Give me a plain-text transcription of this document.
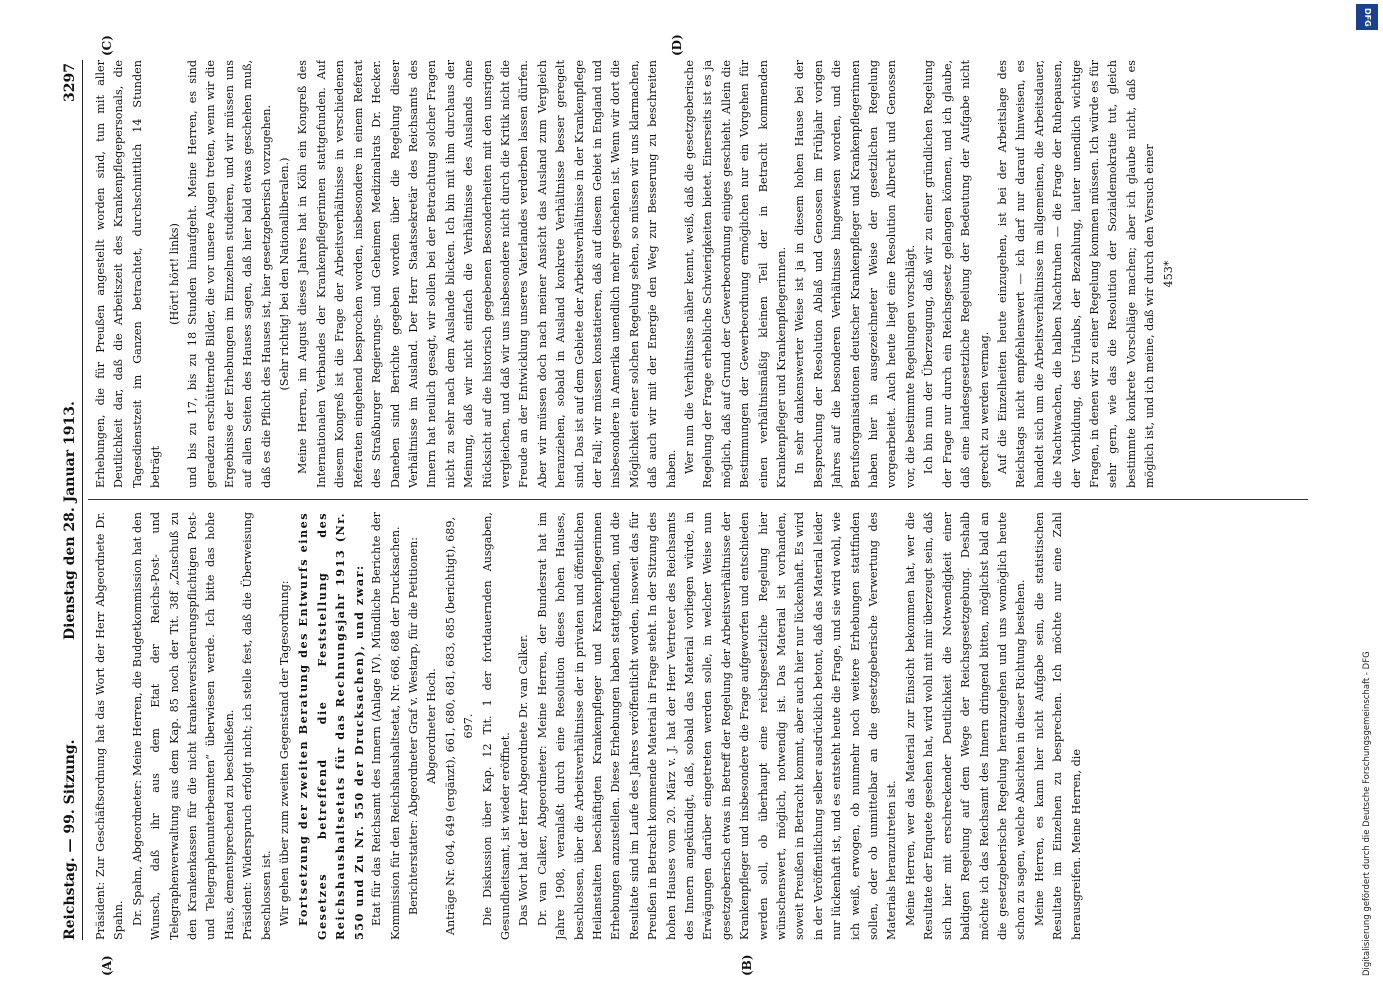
Reichstag. — 99. Sitzung.
Dienstag den 28. Januar 1913.
3297
(A)	(B)
(C)	(D)

Präsident: Zur Geschäftsordnung hat das Wort der Herr Abgeordnete Dr. Spahn. Dr. Spahn, Abgeordneter: Meine Herren, die Budgetkommission hat den Wunsch, daß ihr aus dem Etat der Reichs-Post- und Telegraphenverwaltung aus dem Kap. 85 noch der Tit. 38f „Zuschuß zu den Krankenkassen für die nicht krankenversicherungspflichtigen Post- und Telegraphenunterbeamten“ überwiesen werde. Ich bitte das hohe Haus, dementsprechend zu beschließen. Präsident: Widerspruch erfolgt nicht; ich stelle fest, daß die Überweisung beschlossen ist. Wir gehen über zum zweiten Gegenstand der Tagesordnung: Fortsetzung der zweiten Beratung des Entwurfs eines Gesetzes betreffend die Feststellung des Reichshaushaltsetats für das Rechnungsjahr 1913 (Nr. 550 und Zu Nr. 550 der Drucksachen), und zwar: Etat für das Reichsamt des Innern (Anlage IV). Mündliche Berichte der Kommission für den Reichshaushaltsetat, Nr. 668, 688 der Drucksachen. Berichterstatter: Abgeordneter Graf v. Westarp, für die Petitionen: Abgeordneter Hoch. Anträge Nr. 604, 649 (ergänzt), 661, 680, 681, 683, 685 (berichtigt), 689, 697. Die Diskussion über Kap. 12 Tit. 1 der fortdauernden Ausgaben, Gesundheitsamt, ist wieder eröffnet. Das Wort hat der Herr Abgeordnete Dr. van Calker. Dr. van Calker, Abgeordneter: Meine Herren, der Bundesrat hat im Jahre 1908, veranlaßt durch eine Resolution dieses hohen Hauses, beschlossen, über die Arbeitsverhältnisse der in privaten und öffentlichen Heilanstalten beschäftigten Krankenpfleger und Krankenpflegerinnen Erhebungen anzustellen. Diese Erhebungen haben stattgefunden, und die Resultate sind im Laufe des Jahres veröffentlicht worden, insoweit das für Preußen in Betracht kommende Material in Frage steht. In der Sitzung des hohen Hauses vom 20. März v. J. hat der Herr Vertreter des Reichsamts des Innern angekündigt, daß, sobald das Material vorliegen würde, in Erwägungen darüber eingetreten werden solle, in welcher Weise nun gesetzgeberisch etwas in Betreff der Regelung der Arbeitsverhältnisse der Krankenpfleger und insbesondere die Frage aufgeworfen und entschieden werden soll, ob überhaupt eine reichsgesetzliche Regelung hier wünschenswert, möglich, notwendig ist. Das Material ist vorhanden, soweit Preußen in Betracht kommt, aber auch hier nur lückenhaft. Es wird in der Veröffentlichung selber ausdrücklich betont, daß das Material leider nur lückenhaft ist, und es entsteht heute die Frage, und sie wird wohl, wie ich weiß, erwogen, ob nunmehr noch weitere Erhebungen stattfinden sollen, oder ob unmittelbar an die gesetzgeberische Verwertung des Materials heranzutreten ist. Meine Herren, wer das Material zur Einsicht bekommen hat, wer die Resultate der Enquete gesehen hat, wird wohl mit mir überzeugt sein, daß sich hier mit erschreckender Deutlichkeit die Notwendigkeit einer baldigen Regelung auf dem Wege der Reichsgesetzgebung. Deshalb möchte ich das Reichsamt des Innern dringend bitten, möglichst bald an die gesetzgeberische Regelung heranzugehen und uns womöglich heute schon zu sagen, welche Absichten in dieser Richtung bestehen. Meine Herren, es kann hier nicht Aufgabe sein, die statistischen Resultate im Einzelnen zu besprechen. Ich möchte nur eine Zahl herausgreifen. Meine Herren, die

Erhebungen, die für Preußen angestellt worden sind, tun mit aller Deutlichkeit dar, daß die Arbeitszeit des Krankenpflegepersonals, die Tagesdienstzeit im Ganzen betrachtet, durchschnittlich 14 Stunden beträgt

(Hört! hört! links) und bis zu 17, bis zu 18 Stunden hinaufgeht. Meine Herren, es sind geradezu erschütternde Bilder, die vor unsere Augen treten, wenn wir die Ergebnisse der Erhebungen im Einzelnen studieren, und wir müssen uns auf allen Seiten des Hauses sagen, daß hier bald etwas geschehen muß, daß es die Pflicht des Hauses ist, hier gesetzgeberisch vorzugehen. (Sehr richtig! bei den Nationalliberalen.) Meine Herren, im August dieses Jahres hat in Köln ein Kongreß des Internationalen Verbandes der Krankenpflegerinnen stattgefunden. Auf diesem Kongreß ist die Frage der Arbeitsverhältnisse in verschiedenen Referaten eingehend besprochen worden, insbesondere in einem Referat des Straßburger Regierungs- und Geheimen Medizinalrats Dr. Hecker. Daneben sind Berichte gegeben worden über die Regelung dieser Verhältnisse im Ausland. Der Herr Staatssekretär des Reichsamts des Innern hat neulich gesagt, wir sollen bei der Betrachtung solcher Fragen nicht zu sehr nach dem Auslande blicken. Ich bin mit ihm durchaus der Meinung, daß wir nicht einfach die Verhältnisse des Auslands ohne Rücksicht auf die historisch gegebenen Besonderheiten mit den unsrigen vergleichen, und daß wir uns insbesondere nicht durch die Kritik nicht die Freude an der Entwicklung unseres Vaterlandes verderben lassen dürfen. Aber wir müssen doch nach meiner Ansicht das Ausland zum Vergleich heranziehen, sobald in Ausland konkrete Verhältnisse besser geregelt sind. Das ist auf dem Gebiete der Arbeitsverhältnisse in der Krankenpflege der Fall; wir müssen konstatieren, daß auf diesem Gebiet in England und insbesondere in Amerika unendlich mehr geschehen ist. Wenn wir dort die Möglichkeit einer solchen Regelung sehen, so müssen wir uns klarmachen, daß auch wir mit der Energie den Weg zur Besserung zu beschreiten haben. Wer nun die Verhältnisse näher kennt, weiß, daß die gesetzgeberische Regelung der Frage erhebliche Schwierigkeiten bietet. Einerseits ist es ja möglich, daß auf Grund der Gewerbeordnung einiges geschieht. Allein die Bestimmungen der Gewerbeordnung ermöglichen nur ein Vorgehen für einen verhältnismäßig kleinen Teil der in Betracht kommenden Krankenpfleger und Krankenpflegerinnen. In sehr dankenswerter Weise ist ja in diesem hohen Hause bei der Besprechung der Resolution Ablaß und Genossen im Frühjahr vorigen Jahres auf die besonderen Verhältnisse hingewiesen worden, und die Berufsorganisationen deutscher Krankenpfleger und Krankenpflegerinnen haben hier in ausgezeichneter Weise der gesetzlichen Regelung vorgearbeitet. Auch heute liegt eine Resolution Albrecht und Genossen vor, die bestimmte Regelungen vorschlägt. Ich bin nun der Überzeugung, daß wir zu einer gründlichen Regelung der Frage nur durch ein Reichsgesetz gelangen können, und ich glaube, daß eine landesgesetzliche Regelung der Bedeutung der Aufgabe nicht gerecht zu werden vermag. Auf die Einzelheiten heute einzugehen, ist bei der Arbeitslage des Reichstags nicht empfehlenswert — ich darf nur darauf hinweisen, es handelt sich um die Arbeitsverhältnisse im allgemeinen, die Arbeitsdauer, die Nachtwachen, die halben Nachtruhen — die Frage der Ruhepausen, der Vorbildung, des Urlaubs, der Bezahlung, lauter unendlich wichtige Fragen, in denen wir zu einer Regelung kommen müssen. Ich würde es für sehr gern, wie das die Resolution der Sozialdemokratie tut, gleich bestimmte konkrete Vorschläge machen; aber ich glaube nicht, daß es möglich ist, und ich meine, daß wir durch den Versuch einer 453*

DFG
Digitalisierung gefördert durch die Deutsche Forschungsgemeinschaft - DFG
